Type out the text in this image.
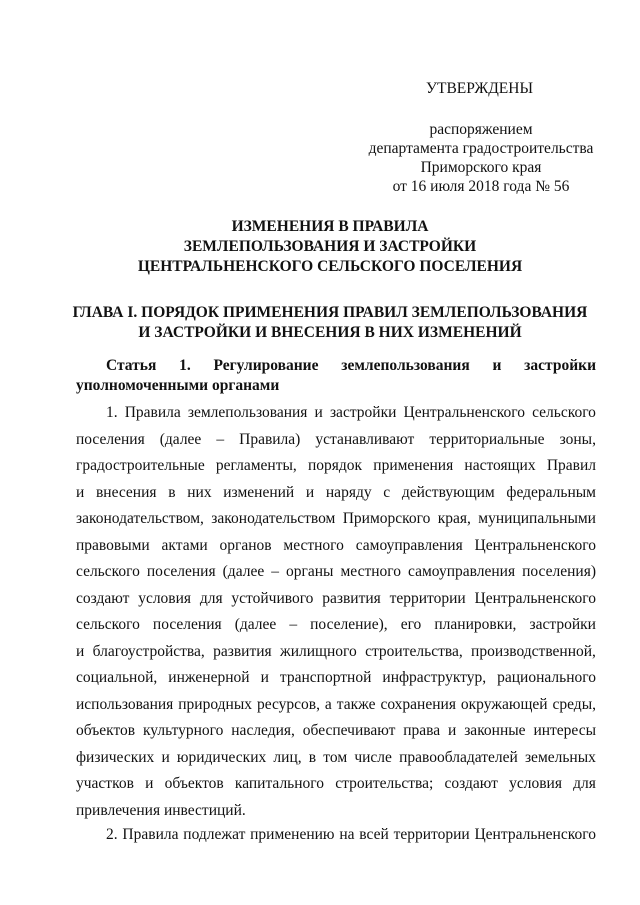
УТВЕРЖДЕНЫ
распоряжением
департамента градостроительства
Приморского края
от 16 июля 2018 года № 56
ИЗМЕНЕНИЯ В ПРАВИЛА
ЗЕМЛЕПОЛЬЗОВАНИЯ И ЗАСТРОЙКИ
ЦЕНТРАЛЬНЕНСКОГО СЕЛЬСКОГО ПОСЕЛЕНИЯ
ГЛАВА I. ПОРЯДОК ПРИМЕНЕНИЯ ПРАВИЛ ЗЕМЛЕПОЛЬЗОВАНИЯ
И ЗАСТРОЙКИ И ВНЕСЕНИЯ В НИХ ИЗМЕНЕНИЙ
Статья 1. Регулирование землепользования и застройки
уполномоченными органами
1. Правила землепользования и застройки Центральненского сельского
поселения (далее – Правила) устанавливают территориальные зоны,
градостроительные регламенты, порядок применения настоящих Правил
и внесения в них изменений и наряду с действующим федеральным
законодательством, законодательством Приморского края, муниципальными
правовыми актами органов местного самоуправления Центральненского
сельского поселения (далее – органы местного самоуправления поселения)
создают условия для устойчивого развития территории Центральненского
сельского поселения (далее – поселение), его планировки, застройки
и благоустройства, развития жилищного строительства, производственной,
социальной, инженерной и транспортной инфраструктур, рационального
использования природных ресурсов, а также сохранения окружающей среды,
объектов культурного наследия, обеспечивают права и законные интересы
физических и юридических лиц, в том числе правообладателей земельных
участков и объектов капитального строительства; создают условия для
привлечения инвестиций.
2. Правила подлежат применению на всей территории Центральненского
